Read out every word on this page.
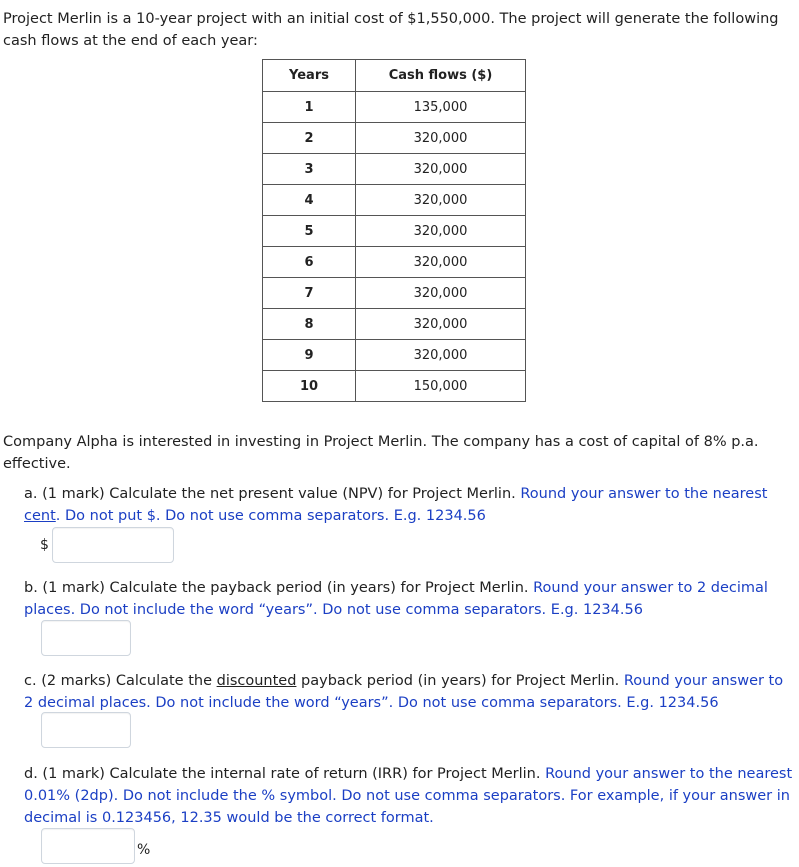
Project Merlin is a 10-year project with an initial cost of $1,550,000. The project will generate the following cash flows at the end of each year:
Years	Cash flows ($)
1	135,000
2	320,000
3	320,000
4	320,000
5	320,000
6	320,000
7	320,000
8	320,000
9	320,000
10	150,000
Company Alpha is interested in investing in Project Merlin. The company has a cost of capital of 8% p.a. effective.
a. (1 mark) Calculate the net present value (NPV) for Project Merlin. Round your answer to the nearest cent. Do not put $. Do not use comma separators. E.g. 1234.56
$
b. (1 mark) Calculate the payback period (in years) for Project Merlin. Round your answer to 2 decimal places. Do not include the word “years”. Do not use comma separators. E.g. 1234.56
c. (2 marks) Calculate the discounted payback period (in years) for Project Merlin. Round your answer to 2 decimal places. Do not include the word “years”. Do not use comma separators. E.g. 1234.56
d. (1 mark) Calculate the internal rate of return (IRR) for Project Merlin. Round your answer to the nearest 0.01% (2dp). Do not include the % symbol. Do not use comma separators. For example, if your answer in decimal is 0.123456, 12.35 would be the correct format.
%
